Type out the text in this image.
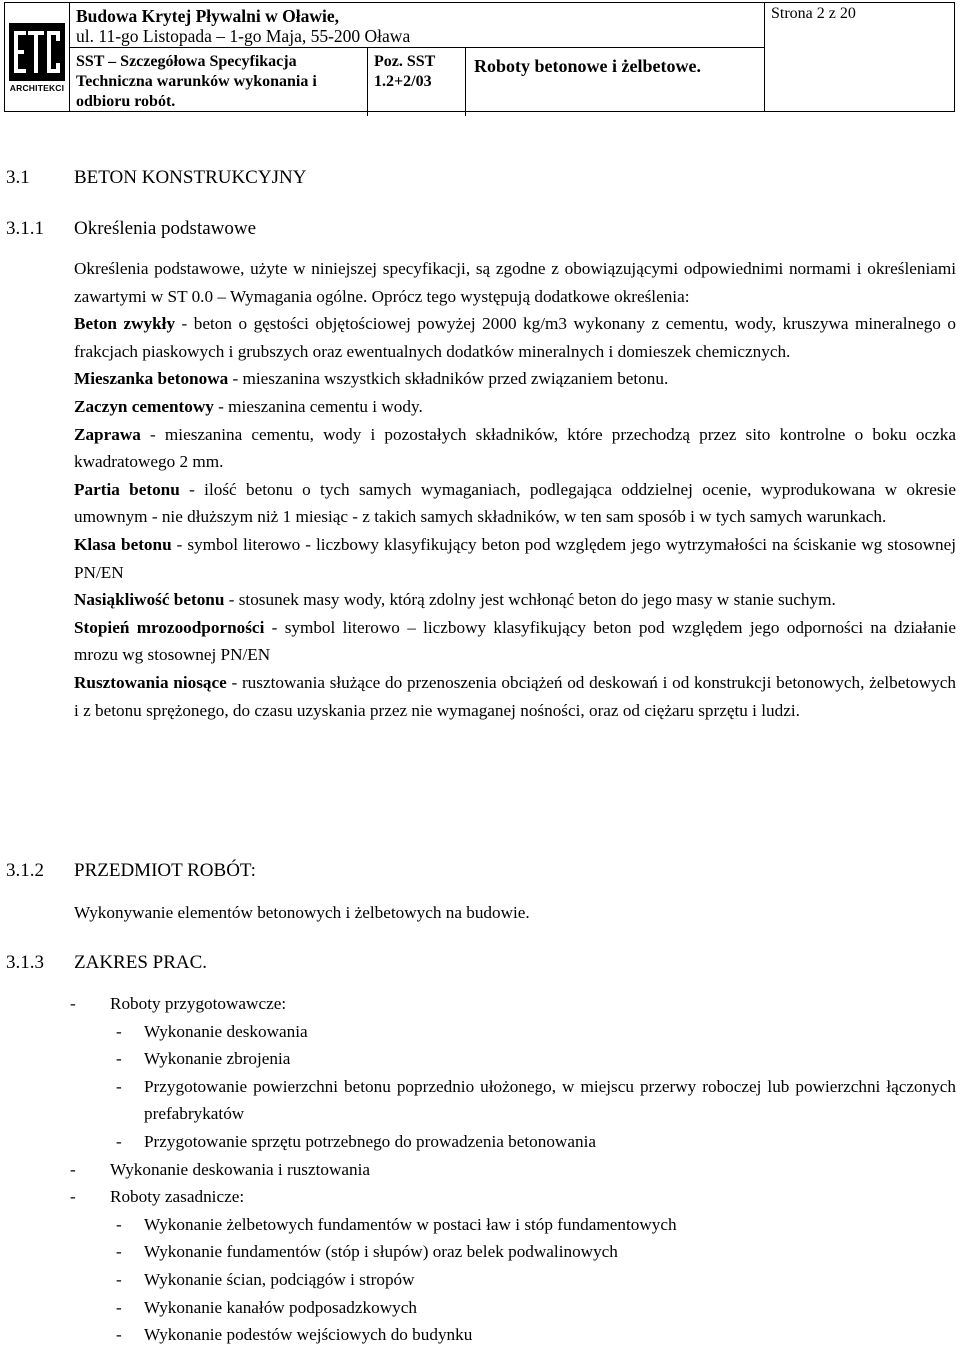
ARCHITEKCI
Budowa Krytej Pływalni w Oławie,
ul. 11-go Listopada – 1-go Maja, 55-200 Oława
SST – Szczegółowa Specyfikacja
Techniczna warunków wykonania i
odbioru robót.
Poz. SST
1.2+2/03
Roboty betonowe i żelbetowe.
Strona 2 z 20
3.1 BETON KONSTRUKCYJNY
3.1.1 Określenia podstawowe

Określenia podstawowe, użyte w niniejszej specyfikacji, są zgodne z obowiązującymi odpowiednimi normami i określeniami zawartymi w ST 0.0 – Wymagania ogólne. Oprócz tego występują dodatkowe określenia:

Beton zwykły - beton o gęstości objętościowej powyżej 2000 kg/m3 wykonany z cementu, wody, kruszywa mineralnego o frakcjach piaskowych i grubszych oraz ewentualnych dodatków mineralnych i domieszek chemicznych.

Mieszanka betonowa - mieszanina wszystkich składników przed związaniem betonu.

Zaczyn cementowy - mieszanina cementu i wody.

Zaprawa - mieszanina cementu, wody i pozostałych składników, które przechodzą przez sito kontrolne o boku oczka kwadratowego 2 mm.

Partia betonu - ilość betonu o tych samych wymaganiach, podlegająca oddzielnej ocenie, wyprodukowana w okresie umownym - nie dłuższym niż 1 miesiąc - z takich samych składników, w ten sam sposób i w tych samych warunkach.

Klasa betonu - symbol literowo - liczbowy klasyfikujący beton pod względem jego wytrzymałości na ściskanie wg stosownej PN/EN

Nasiąkliwość betonu - stosunek masy wody, którą zdolny jest wchłonąć beton do jego masy w stanie suchym.

Stopień mrozoodporności - symbol literowo – liczbowy klasyfikujący beton pod względem jego odporności na działanie mrozu wg stosownej PN/EN

Rusztowania niosące - rusztowania służące do przenoszenia obciążeń od deskowań i od konstrukcji betonowych, żelbetowych i z betonu sprężonego, do czasu uzyskania przez nie wymaganej nośności, oraz od ciężaru sprzętu i ludzi.

3.1.2 PRZEDMIOT ROBÓT:

Wykonywanie elementów betonowych i żelbetowych na budowie.

3.1.3 ZAKRES PRAC.
-	Roboty przygotowawcze:
-	Wykonanie deskowania
-	Wykonanie zbrojenia
-	Przygotowanie powierzchni betonu poprzednio ułożonego, w miejscu przerwy roboczej lub powierzchni łączonych prefabrykatów
-	Przygotowanie sprzętu potrzebnego do prowadzenia betonowania
-	Wykonanie deskowania i rusztowania
-	Roboty zasadnicze:
-	Wykonanie żelbetowych fundamentów w postaci ław i stóp fundamentowych
-	Wykonanie fundamentów (stóp i słupów) oraz belek podwalinowych
-	Wykonanie ścian, podciągów i stropów
-	Wykonanie kanałów podposadzkowych
-	Wykonanie podestów wejściowych do budynku
